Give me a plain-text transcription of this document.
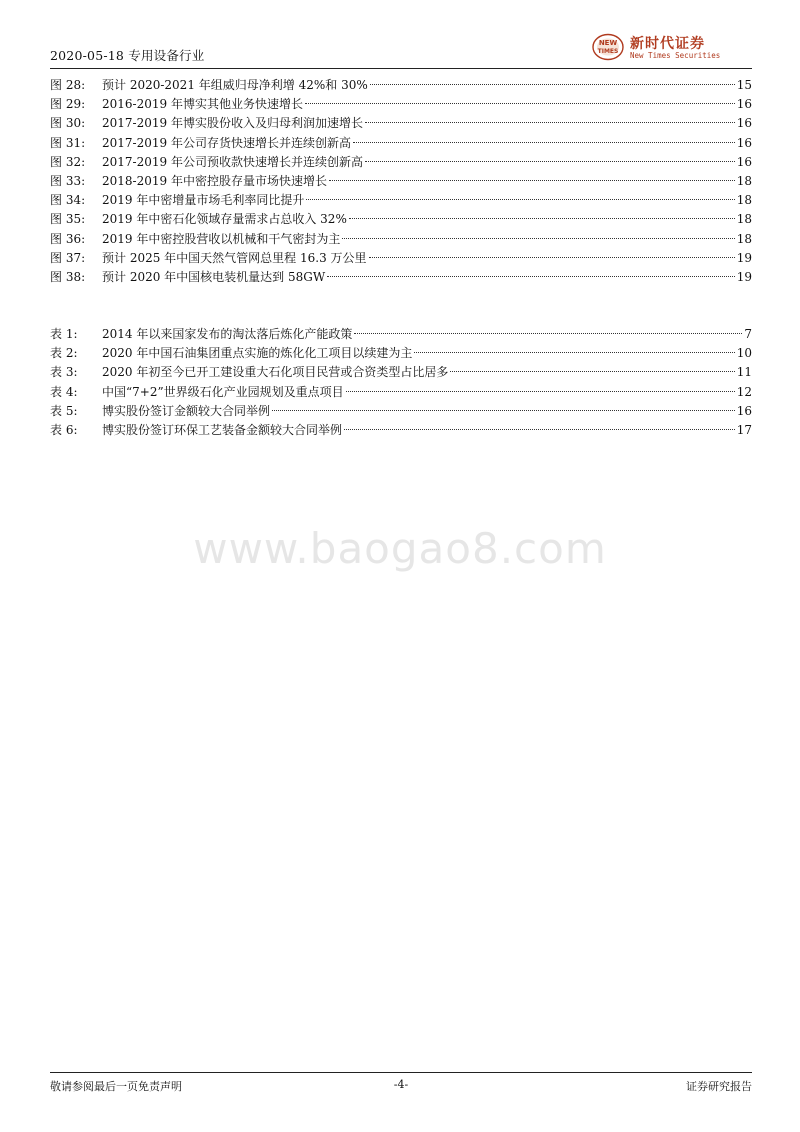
2020-05-18 专用设备行业
NEW
TIMES 新时代证券
New Times Securities
图 28:	预计 2020-2021 年组威归母净利增 42%和 30%	15
图 29:	2016-2019 年博实其他业务快速增长	16
图 30:	2017-2019 年博实股份收入及归母利润加速增长	16
图 31:	2017-2019 年公司存货快速增长并连续创新高	16
图 32:	2017-2019 年公司预收款快速增长并连续创新高	16
图 33:	2018-2019 年中密控股存量市场快速增长	18
图 34:	2019 年中密增量市场毛利率同比提升	18
图 35:	2019 年中密石化领域存量需求占总收入 32%	18
图 36:	2019 年中密控股营收以机械和干气密封为主	18
图 37:	预计 2025 年中国天然气管网总里程 16.3 万公里	19
图 38:	预计 2020 年中国核电装机量达到 58GW	19
表 1:	2014 年以来国家发布的淘汰落后炼化产能政策	7
表 2:	2020 年中国石油集团重点实施的炼化化工项目以续建为主	10
表 3:	2020 年初至今已开工建设重大石化项目民营或合资类型占比居多	11
表 4:	中国“7+2”世界级石化产业园规划及重点项目	12
表 5:	博实股份签订金额较大合同举例	16
表 6:	博实股份签订环保工艺装备金额较大合同举例	17
www.baogao8.com
敬请参阅最后一页免责声明	-4-	证券研究报告
